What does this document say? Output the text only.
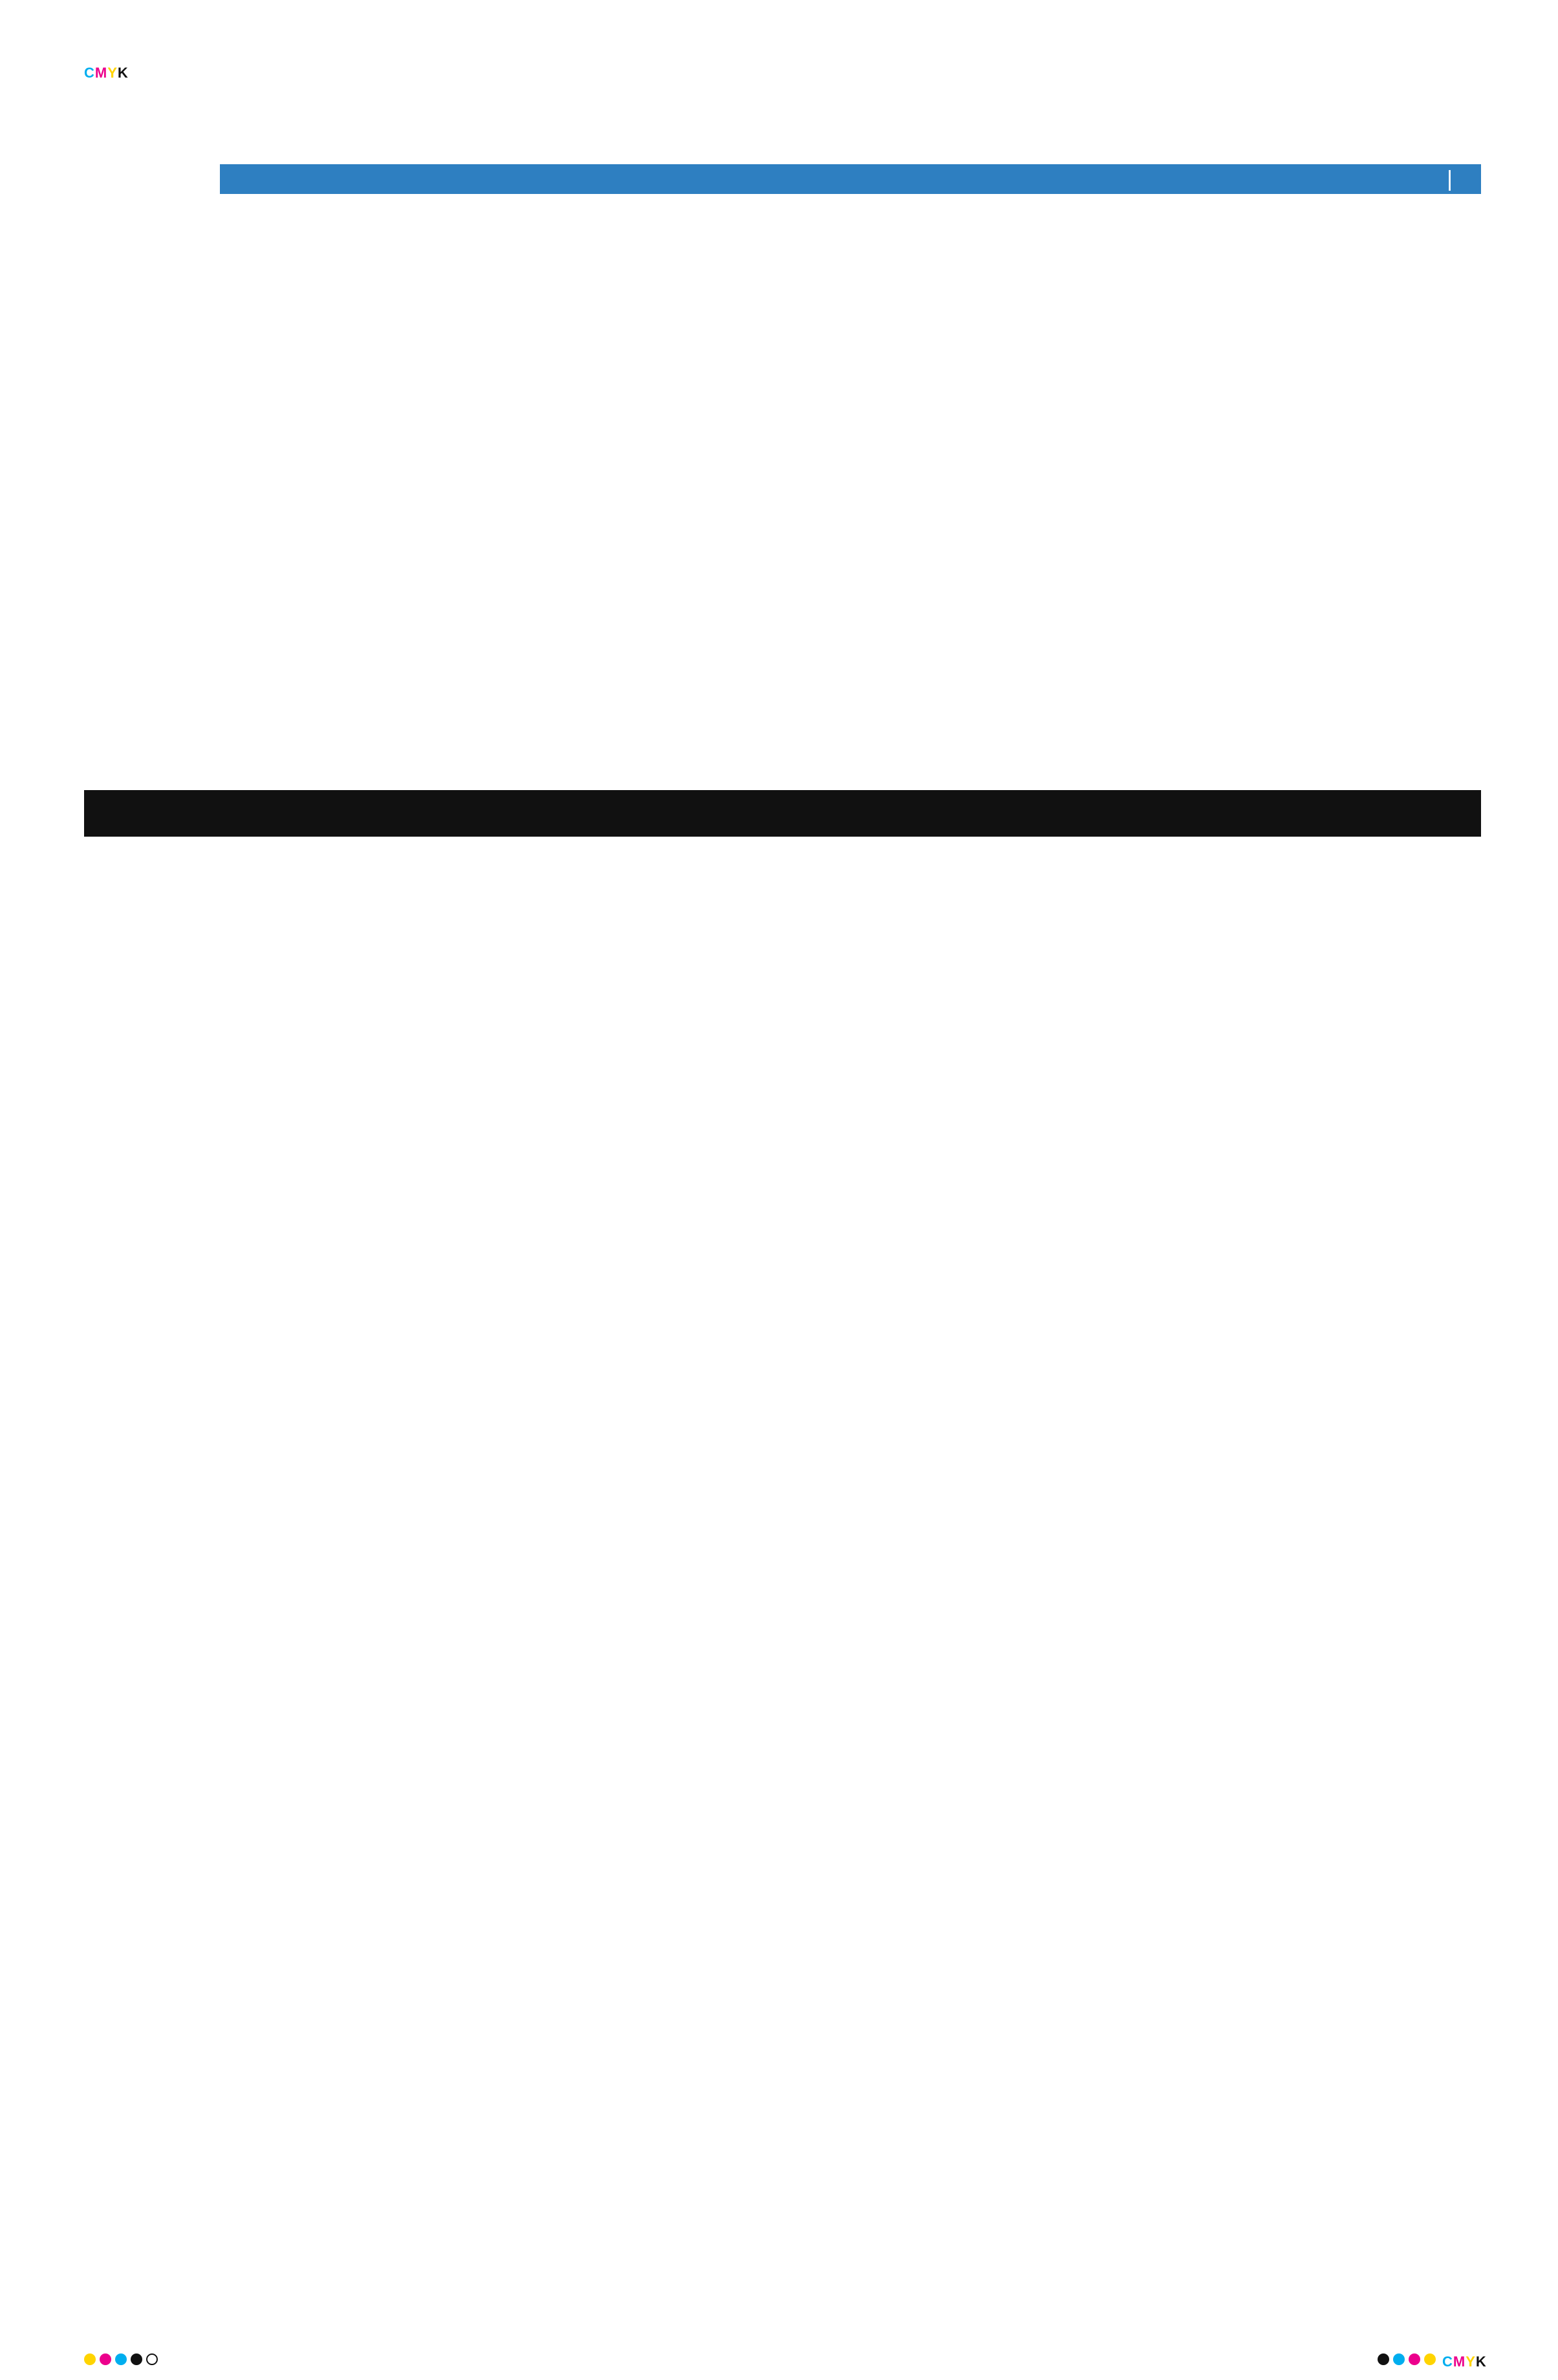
CMYK
CMYK
|
